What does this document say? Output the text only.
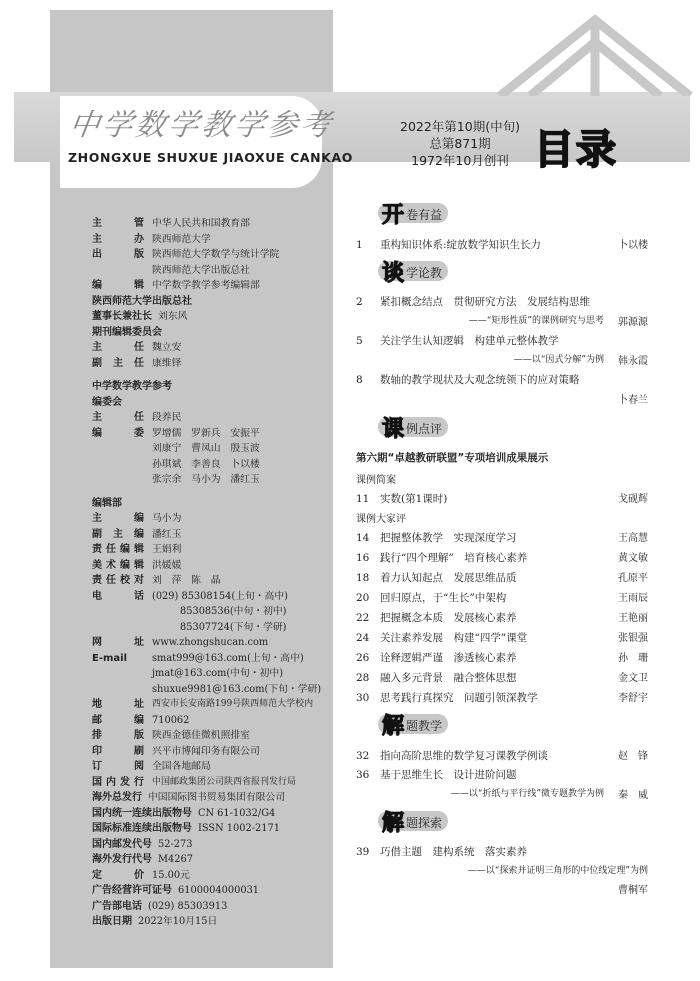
中学数学教学参考
ZHONGXUE SHUXUE JIAOXUE CANKAO
2022年第10期(中旬)
总第871期
1972年10月创刊 目录
主　管 中华人民共和国教育部
主　办 陕西师范大学
出　版 陕西师范大学数学与统计学院
陕西师范大学出版总社
编　辑 中学数学教学参考编辑部
陕西师范大学出版总社
董事长兼社长 刘东风
期刊编辑委员会
主　任 魏立安
副主任 康维铎
中学数学教学参考
编委会
主　任 段养民
编　委 罗增儒　罗新兵　安振平
刘康宁　曹凤山　殷玉波
孙琪斌　李善良　卜以楼
张宗余　马小为　潘红玉
编辑部
主　编 马小为
副主编 潘红玉
责任编辑 王娟利
美术编辑 洪媛媛
责任校对 刘　萍　陈　晶
电　话 (029) 85308154(上旬・高中)
85308536(中旬・初中)
85307724(下旬・学研)
网　址 www.zhongshucan.com
E-mail	smat999@163.com(上旬・高中)
jmat@163.com(中旬・初中)
shuxue9981@163.com(下旬・学研)
地　址 西安市长安南路199号陕西师范大学校内
邮　编 710062
排　版 陕西金德佳微机照排室
印　刷 兴平市博闻印务有限公司
订　阅 全国各地邮局
国内发行 中国邮政集团公司陕西省报刊发行局
海外总发行 中国国际图书贸易集团有限公司
国内统一连续出版物号 CN 61-1032/G4
国际标准连续出版物号 ISSN 1002-2171
国内邮发代号 52-273
海外发行代号 M4267
定　价 15.00元
广告经营许可证号 6100004000031
广告部电话 (029) 85303913
出版日期 2022年10月15日
开 卷有益
1	重构知识体系:绽放数学知识生长力	卜以楼
谈 学论教
2	紧扣概念结点　贯彻研究方法　发展结构思维
——“矩形性质”的课例研究与思考 郭源源
5	关注学生认知逻辑　构建单元整体教学
——以“因式分解”为例 韩永霞
8	数轴的教学现状及大观念统领下的应对策略
卜春兰
课 例点评
第六期“卓越教研联盟”专项培训成果展示
课例简案
11	实数(第1课时)	戈砚辉
课例大家评
14	把握整体教学　实现深度学习	王高慧
16	践行“四个理解”　培育核心素养	黄文敏
18	着力认知起点　发展思维品质	孔原平
20	回归原点，于“生长”中架构	王雨辰
22	把握概念本质　发展核心素养	王艳丽
24	关注素养发展　构建“四学”课堂	张银强
26	诠释逻辑严谨　渗透核心素养	孙　珊
28	融入多元背景　融合整体思想	金文卫
30	思考践行真探究　问题引领深教学	李舒宇
解 题教学
32	指向高阶思维的数学复习课教学例谈	赵　锋
36	基于思维生长　设计进阶问题
——以“折纸与平行线”微专题教学为例 秦　威
解 题探索
39	巧借主题　建构系统　落实素养
——以“探索并证明三角形的中位线定理”为例
曹桐军
